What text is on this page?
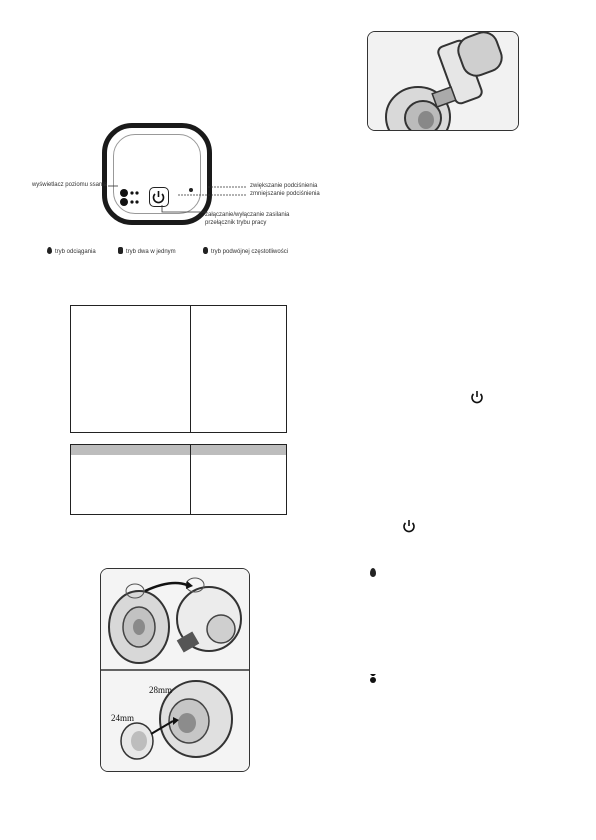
wyświetlacz poziomu ssania	zwiększanie podciśnienia
zmniejszanie podciśnienia
załączanie/wyłączanie zasilania
przełącznik trybu pracy
tryb odciągania	tryb dwa w jednym	tryb podwójnej częstotliwości
28mm
24mm
